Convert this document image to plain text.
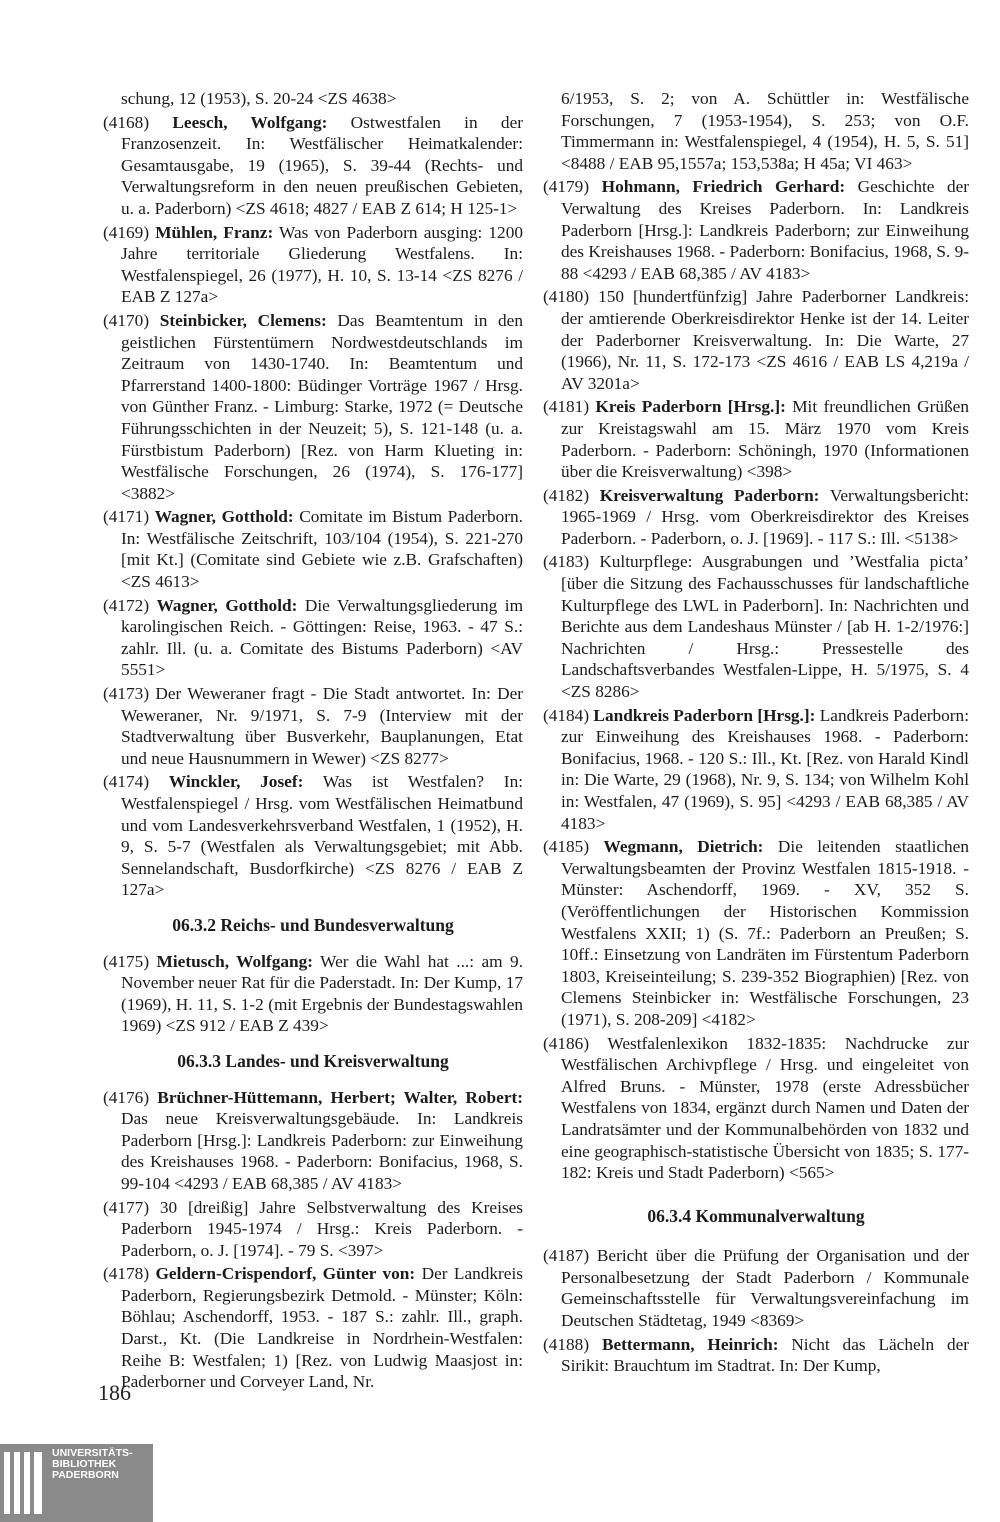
schung, 12 (1953), S. 20-24 <ZS 4638>

(4168) Leesch, Wolfgang: Ostwestfalen in der Franzosenzeit. In: Westfälischer Heimatkalender: Gesamtausgabe, 19 (1965), S. 39-44 (Rechts- und Verwaltungsreform in den neuen preußischen Gebieten, u. a. Paderborn) <ZS 4618; 4827 / EAB Z 614; H 125-1>

(4169) Mühlen, Franz: Was von Paderborn ausging: 1200 Jahre territoriale Gliederung Westfalens. In: Westfalenspiegel, 26 (1977), H. 10, S. 13-14 <ZS 8276 / EAB Z 127a>

(4170) Steinbicker, Clemens: Das Beamtentum in den geistlichen Fürstentümern Nordwestdeutschlands im Zeitraum von 1430-1740. In: Beamtentum und Pfarrerstand 1400-1800: Büdinger Vorträge 1967 / Hrsg. von Günther Franz. - Limburg: Starke, 1972 (= Deutsche Führungsschichten in der Neuzeit; 5), S. 121-148 (u. a. Fürstbistum Paderborn) [Rez. von Harm Klueting in: Westfälische Forschungen, 26 (1974), S. 176-177] <3882>

(4171) Wagner, Gotthold: Comitate im Bistum Paderborn. In: Westfälische Zeitschrift, 103/104 (1954), S. 221-270 [mit Kt.] (Comitate sind Gebiete wie z.B. Grafschaften) <ZS 4613>

(4172) Wagner, Gotthold: Die Verwaltungsgliederung im karolingischen Reich. - Göttingen: Reise, 1963. - 47 S.: zahlr. Ill. (u. a. Comitate des Bistums Paderborn) <AV 5551>

(4173) Der Weweraner fragt - Die Stadt antwortet. In: Der Weweraner, Nr. 9/1971, S. 7-9 (Interview mit der Stadtverwaltung über Busverkehr, Bauplanungen, Etat und neue Hausnummern in Wewer) <ZS 8277>

(4174) Winckler, Josef: Was ist Westfalen? In: Westfalenspiegel / Hrsg. vom Westfälischen Heimatbund und vom Landesverkehrsverband Westfalen, 1 (1952), H. 9, S. 5-7 (Westfalen als Verwaltungsgebiet; mit Abb. Sennelandschaft, Busdorfkirche) <ZS 8276 / EAB Z 127a>

06.3.2 Reichs- und Bundesverwaltung

(4175) Mietusch, Wolfgang: Wer die Wahl hat ...: am 9. November neuer Rat für die Paderstadt. In: Der Kump, 17 (1969), H. 11, S. 1-2 (mit Ergebnis der Bundestagswahlen 1969) <ZS 912 / EAB Z 439>

06.3.3 Landes- und Kreisverwaltung

(4176) Brüchner-Hüttemann, Herbert; Walter, Robert: Das neue Kreisverwaltungsgebäude. In: Landkreis Paderborn [Hrsg.]: Landkreis Paderborn: zur Einweihung des Kreishauses 1968. - Paderborn: Bonifacius, 1968, S. 99-104 <4293 / EAB 68,385 / AV 4183>

(4177) 30 [dreißig] Jahre Selbstverwaltung des Kreises Paderborn 1945-1974 / Hrsg.: Kreis Paderborn. - Paderborn, o. J. [1974]. - 79 S. <397>

(4178) Geldern-Crispendorf, Günter von: Der Landkreis Paderborn, Regierungsbezirk Detmold. - Münster; Köln: Böhlau; Aschendorff, 1953. - 187 S.: zahlr. Ill., graph. Darst., Kt. (Die Landkreise in Nordrhein-Westfalen: Reihe B: Westfalen; 1) [Rez. von Ludwig Maasjost in: Paderborner und Corveyer Land, Nr.

6/1953, S. 2; von A. Schüttler in: Westfälische Forschungen, 7 (1953-1954), S. 253; von O.F. Timmermann in: Westfalenspiegel, 4 (1954), H. 5, S. 51] <8488 / EAB 95,1557a; 153,538a; H 45a; VI 463>

(4179) Hohmann, Friedrich Gerhard: Geschichte der Verwaltung des Kreises Paderborn. In: Landkreis Paderborn [Hrsg.]: Landkreis Paderborn; zur Einweihung des Kreishauses 1968. - Paderborn: Bonifacius, 1968, S. 9-88 <4293 / EAB 68,385 / AV 4183>

(4180) 150 [hundertfünfzig] Jahre Paderborner Landkreis: der amtierende Oberkreisdirektor Henke ist der 14. Leiter der Paderborner Kreisverwaltung. In: Die Warte, 27 (1966), Nr. 11, S. 172-173 <ZS 4616 / EAB LS 4,219a / AV 3201a>

(4181) Kreis Paderborn [Hrsg.]: Mit freundlichen Grüßen zur Kreistagswahl am 15. März 1970 vom Kreis Paderborn. - Paderborn: Schöningh, 1970 (Informationen über die Kreisverwaltung) <398>

(4182) Kreisverwaltung Paderborn: Verwaltungsbericht: 1965-1969 / Hrsg. vom Oberkreisdirektor des Kreises Paderborn. - Paderborn, o. J. [1969]. - 117 S.: Ill. <5138>

(4183) Kulturpflege: Ausgrabungen und ’Westfalia picta’ [über die Sitzung des Fachausschusses für landschaftliche Kulturpflege des LWL in Paderborn]. In: Nachrichten und Berichte aus dem Landeshaus Münster / [ab H. 1-2/1976:] Nachrichten / Hrsg.: Pressestelle des Landschaftsverbandes Westfalen-Lippe, H. 5/1975, S. 4 <ZS 8286>

(4184) Landkreis Paderborn [Hrsg.]: Landkreis Paderborn: zur Einweihung des Kreishauses 1968. - Paderborn: Bonifacius, 1968. - 120 S.: Ill., Kt. [Rez. von Harald Kindl in: Die Warte, 29 (1968), Nr. 9, S. 134; von Wilhelm Kohl in: Westfalen, 47 (1969), S. 95] <4293 / EAB 68,385 / AV 4183>

(4185) Wegmann, Dietrich: Die leitenden staatlichen Verwaltungsbeamten der Provinz Westfalen 1815-1918. - Münster: Aschendorff, 1969. - XV, 352 S. (Veröffentlichungen der Historischen Kommission Westfalens XXII; 1) (S. 7f.: Paderborn an Preußen; S. 10ff.: Einsetzung von Landräten im Fürstentum Paderborn 1803, Kreiseinteilung; S. 239-352 Biographien) [Rez. von Clemens Steinbicker in: Westfälische Forschungen, 23 (1971), S. 208-209] <4182>

(4186) Westfalenlexikon 1832-1835: Nachdrucke zur Westfälischen Archivpflege / Hrsg. und eingeleitet von Alfred Bruns. - Münster, 1978 (erste Adressbücher Westfalens von 1834, ergänzt durch Namen und Daten der Landratsämter und der Kommunalbehörden von 1832 und eine geographisch-statistische Übersicht von 1835; S. 177-182: Kreis und Stadt Paderborn) <565>

06.3.4 Kommunalverwaltung

(4187) Bericht über die Prüfung der Organisation und der Personalbesetzung der Stadt Paderborn / Kommunale Gemeinschaftsstelle für Verwaltungsvereinfachung im Deutschen Städtetag, 1949 <8369>

(4188) Bettermann, Heinrich: Nicht das Lächeln der Sirikit: Brauchtum im Stadtrat. In: Der Kump,

186
UNIVERSITÄTS-
BIBLIOTHEK
PADERBORN
